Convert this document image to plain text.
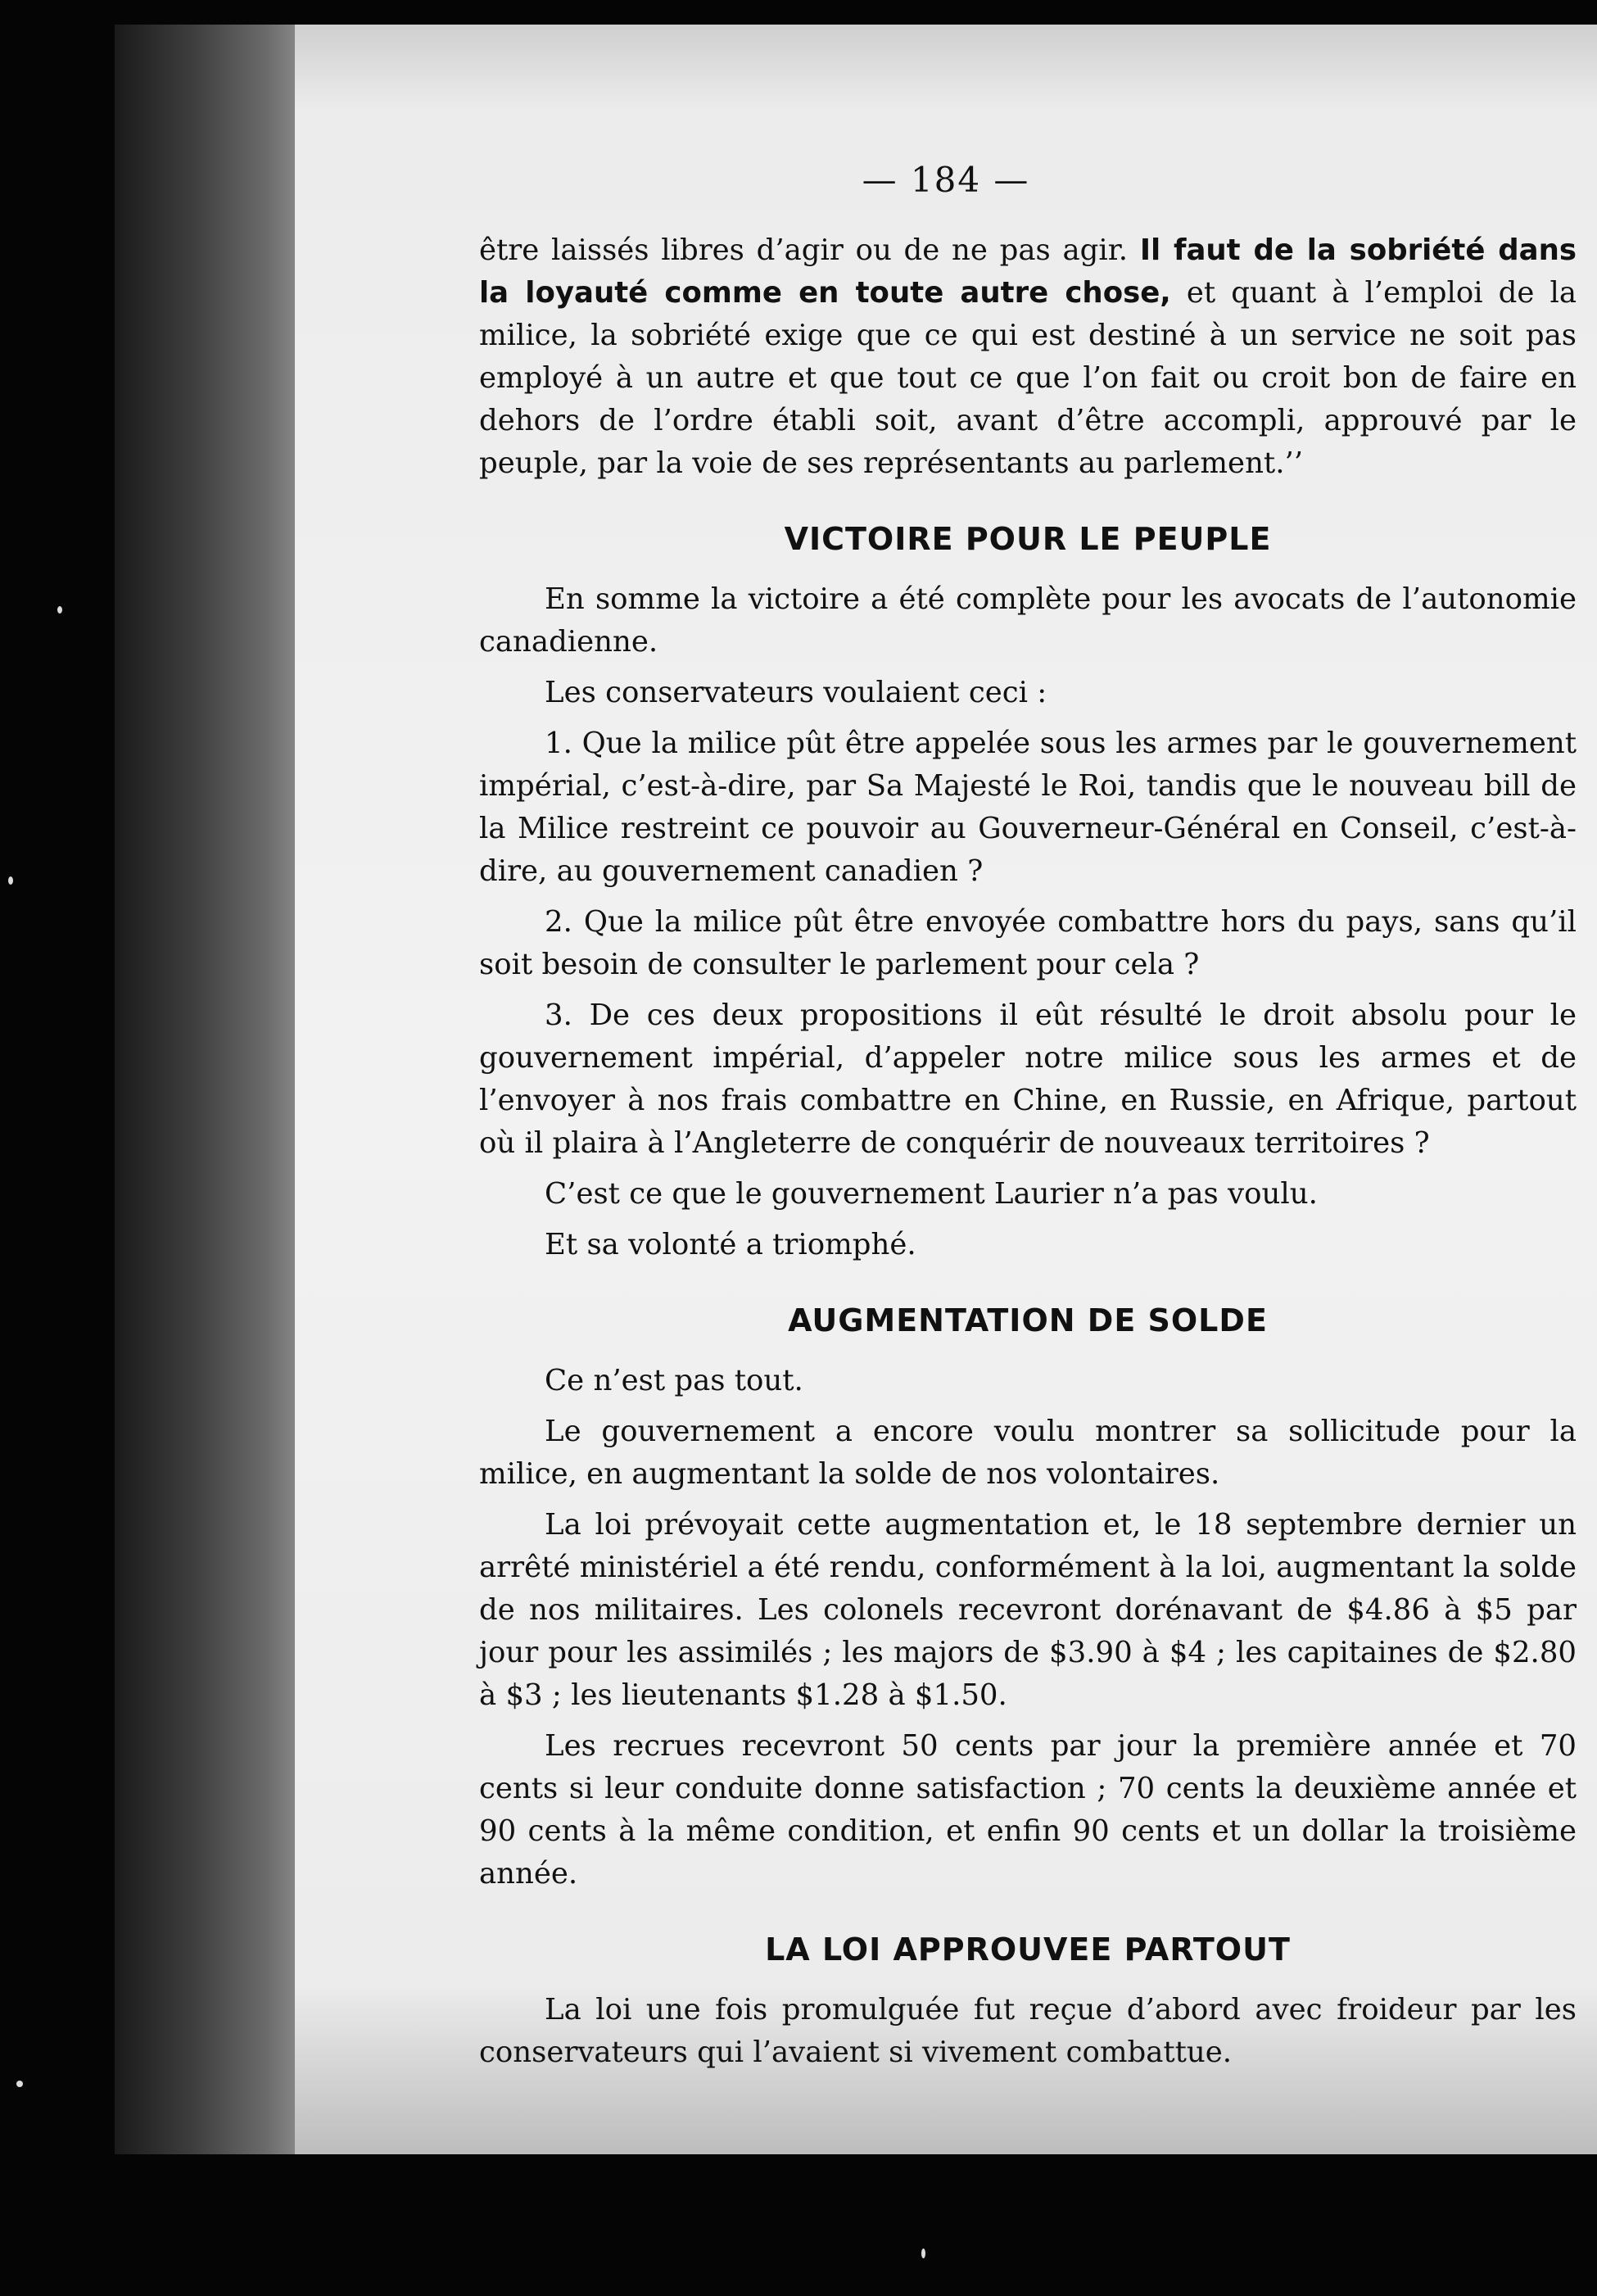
— 184 —

être laissés libres d’agir ou de ne pas agir. Il faut de la sobriété dans la loyauté comme en toute autre chose, et quant à l’emploi de la milice, la sobriété exige que ce qui est destiné à un service ne soit pas employé à un autre et que tout ce que l’on fait ou croit bon de faire en dehors de l’ordre établi soit, avant d’être accompli, approuvé par le peuple, par la voie de ses représentants au parlement.’’

VICTOIRE POUR LE PEUPLE

En somme la victoire a été complète pour les avocats de l’autonomie canadienne.

Les conservateurs voulaient ceci :

1. Que la milice pût être appelée sous les armes par le gouvernement impérial, c’est-à-dire, par Sa Majesté le Roi, tandis que le nouveau bill de la Milice restreint ce pouvoir au Gouverneur-Général en Conseil, c’est-à-dire, au gouvernement canadien ?

2. Que la milice pût être envoyée combattre hors du pays, sans qu’il soit besoin de consulter le parlement pour cela ?

3. De ces deux propositions il eût résulté le droit absolu pour le gouvernement impérial, d’appeler notre milice sous les armes et de l’envoyer à nos frais combattre en Chine, en Russie, en Afrique, partout où il plaira à l’Angleterre de conquérir de nouveaux territoires ?

C’est ce que le gouvernement Laurier n’a pas voulu.

Et sa volonté a triomphé.

AUGMENTATION DE SOLDE

Ce n’est pas tout.

Le gouvernement a encore voulu montrer sa sollicitude pour la milice, en augmentant la solde de nos volontaires.

La loi prévoyait cette augmentation et, le 18 septembre dernier un arrêté ministériel a été rendu, conformément à la loi, augmentant la solde de nos militaires. Les colonels recevront dorénavant de $4.86 à $5 par jour pour les assimilés ; les majors de $3.90 à $4 ; les capitaines de $2.80 à $3 ; les lieutenants $1.28 à $1.50.

Les recrues recevront 50 cents par jour la première année et 70 cents si leur conduite donne satisfaction ; 70 cents la deuxième année et 90 cents à la même condition, et enfin 90 cents et un dollar la troisième année.

LA LOI APPROUVEE PARTOUT

La loi une fois promulguée fut reçue d’abord avec froideur par les conservateurs qui l’avaient si vivement combattue.
